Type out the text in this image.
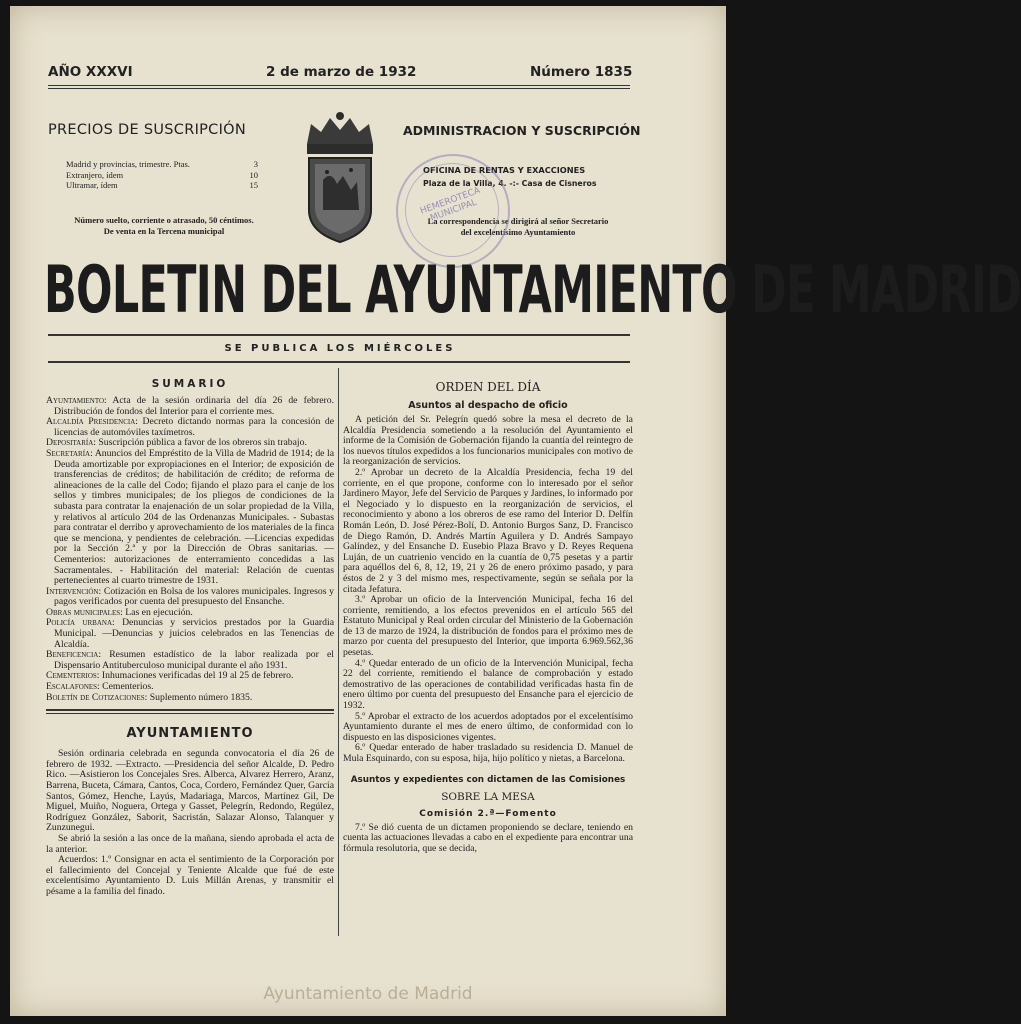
AÑO XXXVI	2 de marzo de 1932	Número 1835
PRECIOS DE SUSCRIPCIÓN
Madrid y provincias, trimestre. Ptas.	3
Extranjero, ídem	10
Ultramar, ídem	15
Número suelto, corriente o atrasado, 50 céntimos.
De venta en la Tercena municipal
ADMINISTRACION Y SUSCRIPCIÓN
OFICINA DE RENTAS Y EXACCIONES
Plaza de la Villa, 4. -:- Casa de Cisneros
La correspondencia se dirigirá al señor Secretario
del excelentísimo Ayuntamiento
HEMEROTECA MUNICIPAL
BOLETIN DEL AYUNTAMIENTO DE MADRID
SE PUBLICA LOS MIÉRCOLES
SUMARIO

Ayuntamiento: Acta de la sesión ordinaria del día 26 de febrero. Distribución de fondos del Interior para el corriente mes.

Alcaldía Presidencia: Decreto dictando normas para la concesión de licencias de automóviles taxímetros.

Depositaría: Suscripción pública a favor de los obreros sin trabajo.

Secretaría: Anuncios del Empréstito de la Villa de Madrid de 1914; de la Deuda amortizable por expropiaciones en el Interior; de exposición de transferencias de créditos; de habilitación de crédito; de reforma de alineaciones de la calle del Codo; fijando el plazo para el canje de los sellos y timbres municipales; de los pliegos de condiciones de la subasta para contratar la enajenación de un solar propiedad de la Villa, y relativos al artículo 204 de las Ordenanzas Municipales. - Subastas para contratar el derribo y aprovechamiento de los materiales de la finca que se menciona, y pendientes de celebración. —Licencias expedidas por la Sección 2.ª y por la Dirección de Obras sanitarias. — Cementerios: autorizaciones de enterramiento concedidas a las Sacramentales. - Habilitación del material: Relación de cuentas pertenecientes al cuarto trimestre de 1931.

Intervención: Cotización en Bolsa de los valores municipales. Ingresos y pagos verificados por cuenta del presupuesto del Ensanche.

Obras municipales: Las en ejecución.

Policía urbana: Denuncias y servicios prestados por la Guardia Municipal. —Denuncias y juicios celebrados en las Tenencias de Alcaldía.

Beneficencia: Resumen estadístico de la labor realizada por el Dispensario Antituberculoso municipal durante el año 1931.

Cementerios: Inhumaciones verificadas del 19 al 25 de febrero.

Escalafones: Cementerios.

Boletín de Cotizaciones: Suplemento número 1835.

AYUNTAMIENTO
Sesión ordinaria celebrada en segunda convocatoria el día 26 de febrero de 1932. —Extracto. —Presidencia del señor Alcalde, D. Pedro Rico. —Asistieron los Concejales Sres. Alberca, Alvarez Herrero, Aranz, Barrena, Buceta, Cámara, Cantos, Coca, Cordero, Fernández Quer, García Santos, Gómez, Henche, Layús, Madariaga, Marcos, Martínez Gil, De Miguel, Muiño, Noguera, Ortega y Gasset, Pelegrín, Redondo, Regúlez, Rodríguez González, Saborit, Sacristán, Salazar Alonso, Talanquer y Zunzunegui.
Se abrió la sesión a las once de la mañana, siendo aprobada el acta de la anterior.
Acuerdos: 1.º Consignar en acta el sentimiento de la Corporación por el fallecimiento del Concejal y Teniente Alcalde que fué de este excelentísimo Ayuntamiento D. Luis Millán Arenas, y transmitir el pésame a la familia del finado.
ORDEN DEL DÍA
Asuntos al despacho de oficio

A petición del Sr. Pelegrín quedó sobre la mesa el decreto de la Alcaldía Presidencia sometiendo a la resolución del Ayuntamiento el informe de la Comisión de Gobernación fijando la cuantía del reintegro de los nuevos títulos expedidos a los funcionarios municipales con motivo de la reorganización de servicios.

2.º Aprobar un decreto de la Alcaldía Presidencia, fecha 19 del corriente, en el que propone, conforme con lo interesado por el señor Jardinero Mayor, Jefe del Servicio de Parques y Jardines, lo informado por el Negociado y lo dispuesto en la reorganización de servicios, el reconocimiento y abono a los obreros de ese ramo del Interior D. Delfín Román León, D. José Pérez-Bolí, D. Antonio Burgos Sanz, D. Francisco de Diego Ramón, D. Andrés Martín Aguilera y D. Andrés Sampayo Galíndez, y del Ensanche D. Eusebio Plaza Bravo y D. Reyes Requena Luján, de un cuatrienio vencido en la cuantía de 0,75 pesetas y a partir para aquéllos del 6, 8, 12, 19, 21 y 26 de enero próximo pasado, y para éstos de 2 y 3 del mismo mes, respectivamente, según se señala por la citada Jefatura.

3.º Aprobar un oficio de la Intervención Municipal, fecha 16 del corriente, remitiendo, a los efectos prevenidos en el artículo 565 del Estatuto Municipal y Real orden circular del Ministerio de la Gobernación de 13 de marzo de 1924, la distribución de fondos para el próximo mes de marzo por cuenta del presupuesto del Interior, que importa 6.969.562,36 pesetas.

4.º Quedar enterado de un oficio de la Intervención Municipal, fecha 22 del corriente, remitiendo el balance de comprobación y estado demostrativo de las operaciones de contabilidad verificadas hasta fin de enero último por cuenta del presupuesto del Ensanche para el ejercicio de 1932.

5.º Aprobar el extracto de los acuerdos adoptados por el excelentísimo Ayuntamiento durante el mes de enero último, de conformidad con lo dispuesto en las disposiciones vigentes.

6.º Quedar enterado de haber trasladado su residencia D. Manuel de Mula Esquinardo, con su esposa, hija, hijo político y nietas, a Barcelona.

Asuntos y expedientes con dictamen de las Comisiones
SOBRE LA MESA
Comisión 2.ª—Fomento
7.º Se dió cuenta de un dictamen proponiendo se declare, teniendo en cuenta las actuaciones llevadas a cabo en el expediente para encontrar una fórmula resolutoria, que se decida,
Ayuntamiento de Madrid
